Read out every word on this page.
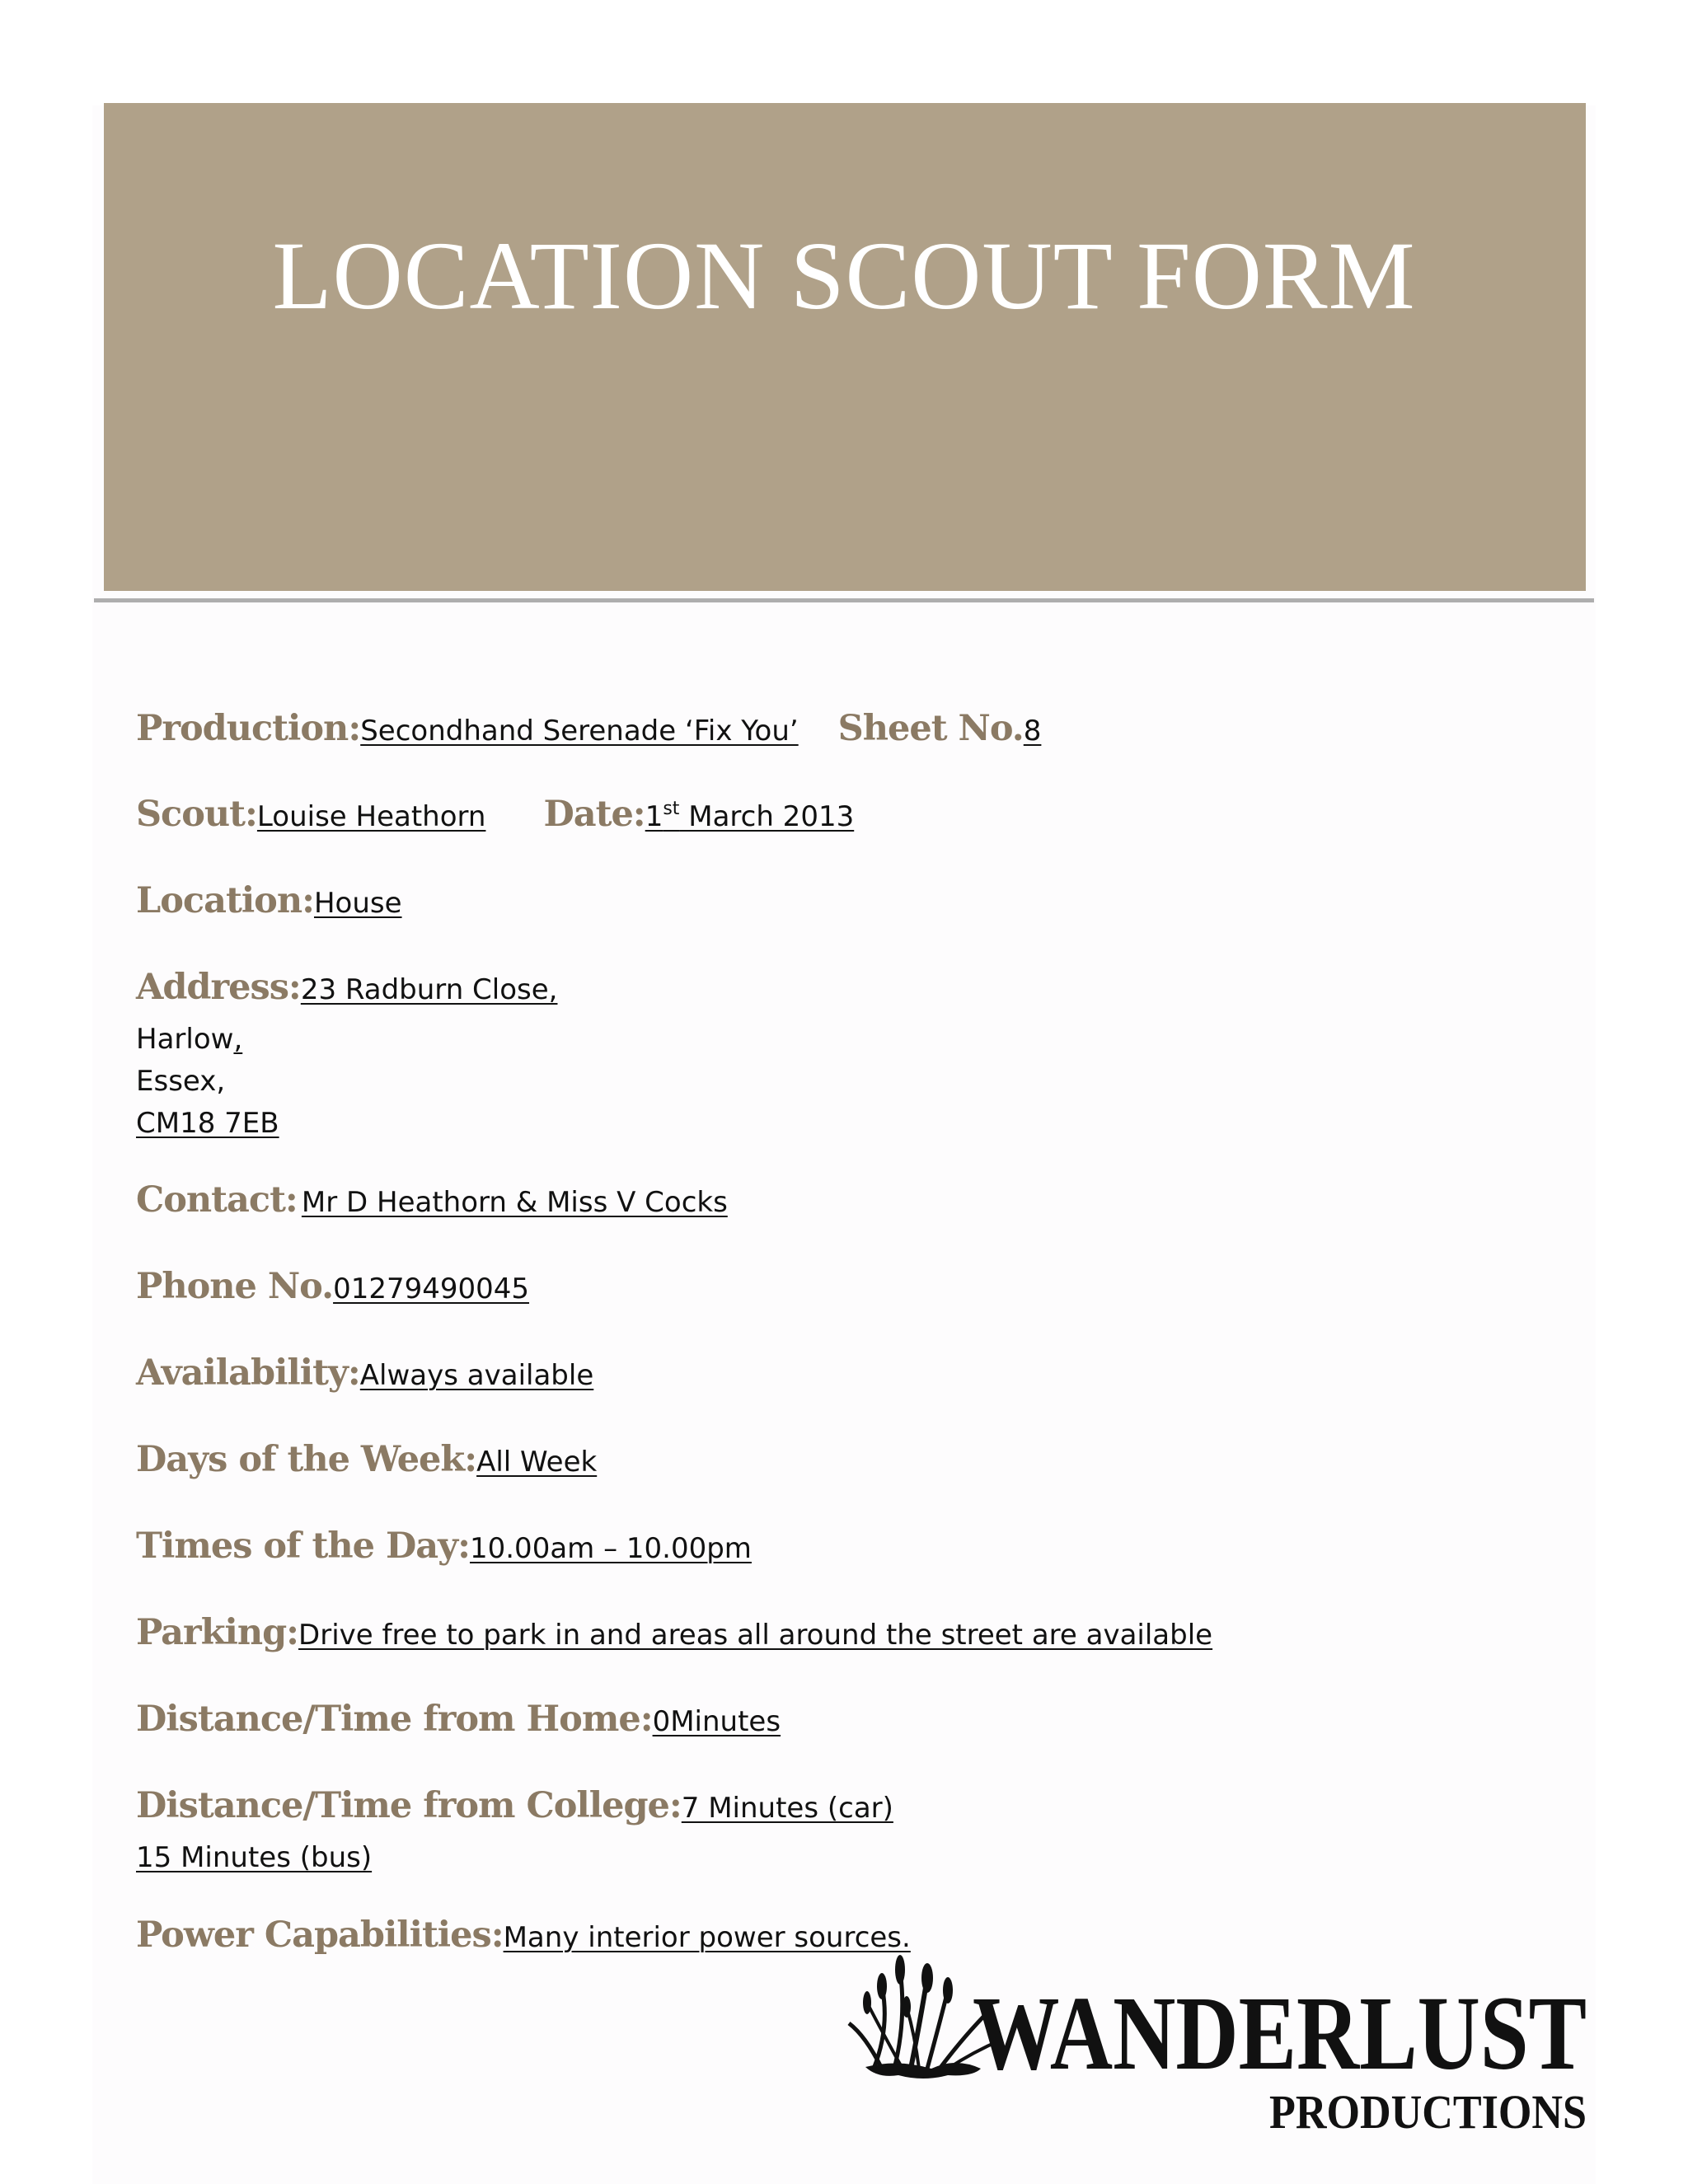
LOCATION SCOUT FORM
Production:Secondhand Serenade ‘Fix You’ Sheet No.8
Scout:Louise Heathorn Date:1st March 2013
Location:House
Address:23 Radburn Close,
Harlow,
Essex,
CM18 7EB
Contact: Mr D Heathorn & Miss V Cocks
Phone No.01279490045
Availability:Always available
Days of the Week:All Week
Times of the Day:10.00am – 10.00pm
Parking:Drive free to park in and areas all around the street are available
Distance/Time from Home:0Minutes
Distance/Time from College:7 Minutes (car)
15 Minutes (bus)
Power Capabilities:Many interior power sources.
WANDERLUST
PRODUCTIONS
